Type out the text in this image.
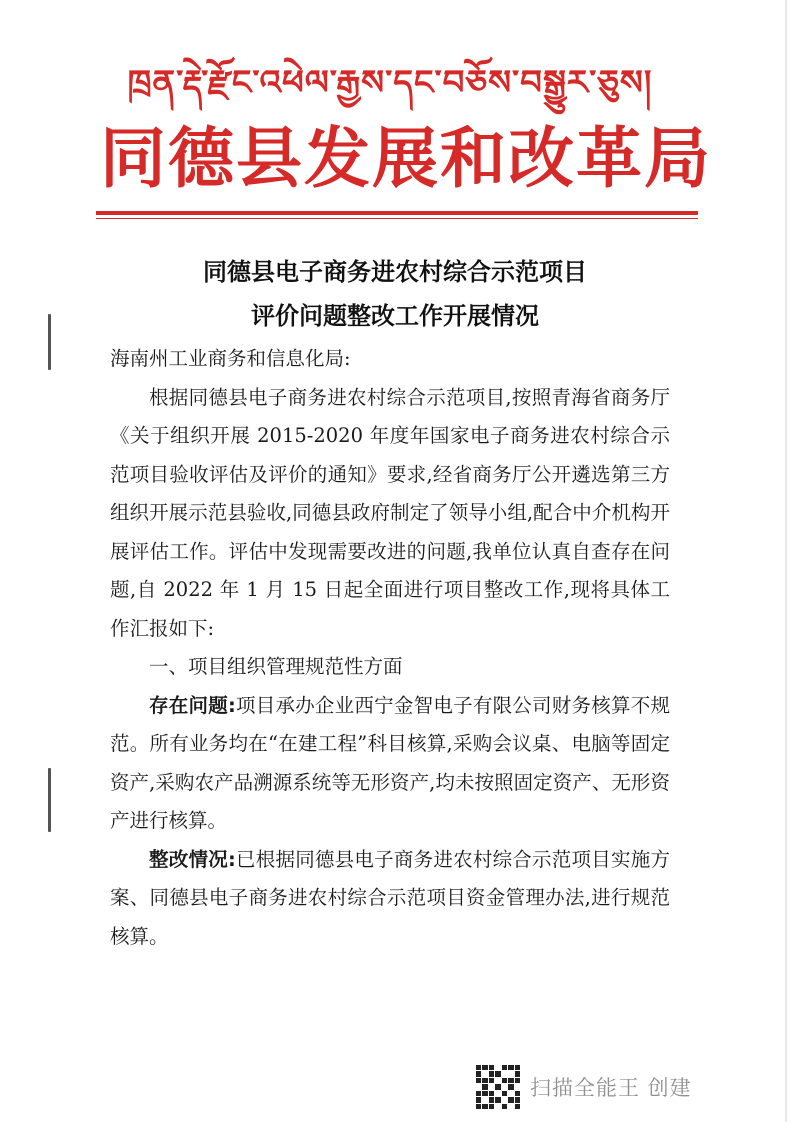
ཁྲན་རྡེ་རྫོང་འཕེལ་རྒྱས་དང་བཅོས་བསྒྱུར་ཅུས།
同德县发展和改革局
同德县电子商务进农村综合示范项目
评价问题整改工作开展情况

海南州工业商务和信息化局:

根据同德县电子商务进农村综合示范项目,按照青海省商务厅《关于组织开展 2015-2020 年度年国家电子商务进农村综合示范项目验收评估及评价的通知》要求,经省商务厅公开遴选第三方组织开展示范县验收,同德县政府制定了领导小组,配合中介机构开展评估工作。评估中发现需要改进的问题,我单位认真自查存在问题,自 2022 年 1 月 15 日起全面进行项目整改工作,现将具体工作汇报如下:

一、项目组织管理规范性方面

存在问题:项目承办企业西宁金智电子有限公司财务核算不规范。所有业务均在“在建工程”科目核算,采购会议桌、电脑等固定资产,采购农产品溯源系统等无形资产,均未按照固定资产、无形资产进行核算。

整改情况:已根据同德县电子商务进农村综合示范项目实施方案、同德县电子商务进农村综合示范项目资金管理办法,进行规范核算。

扫描全能王 创建
